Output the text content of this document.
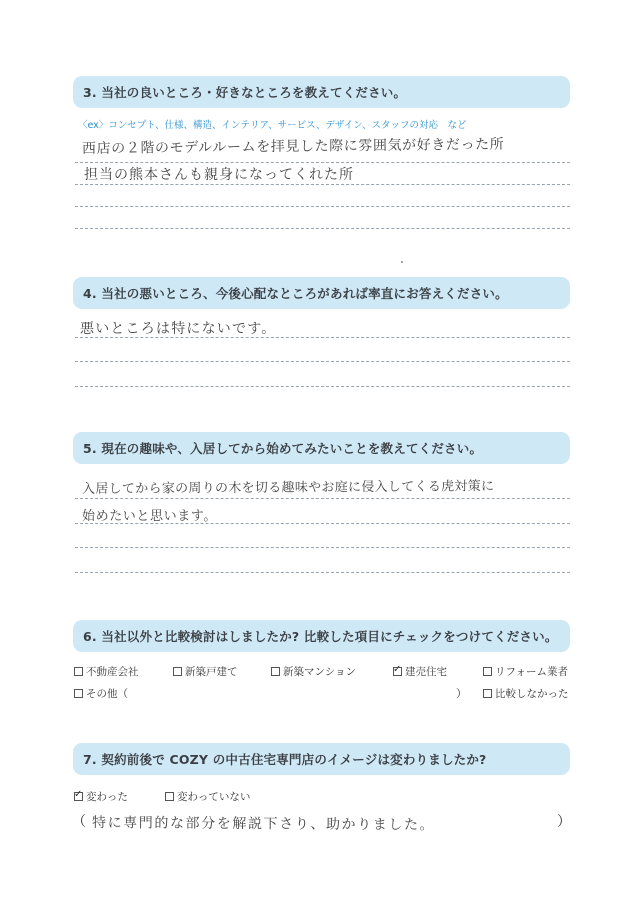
3. 当社の良いところ・好きなところを教えてください。
〈ex〉コンセプト、仕様、構造、インテリア、サービス、デザイン、スタッフの対応　など
西店の２階のモデルルームを拝見した際に雰囲気が好きだった所
担当の熊本さんも親身になってくれた所
4. 当社の悪いところ、今後心配なところがあれば率直にお答えください。
悪いところは特にないです。
5. 現在の趣味や、入居してから始めてみたいことを教えてください。
入居してから家の周りの木を切る趣味やお庭に侵入してくる虎対策に
始めたいと思います。
6. 当社以外と比較検討はしましたか? 比較した項目にチェックをつけてください。
不動産会社	新築戸建て	新築マンション
✓	建売住宅	リフォーム業者
その他（	）	比較しなかった
7. 契約前後で COZY の中古住宅専門店のイメージは変わりましたか?
✓
変わった	変わっていない
（ 特に専門的な部分を解説下さり、助かりました。	）
